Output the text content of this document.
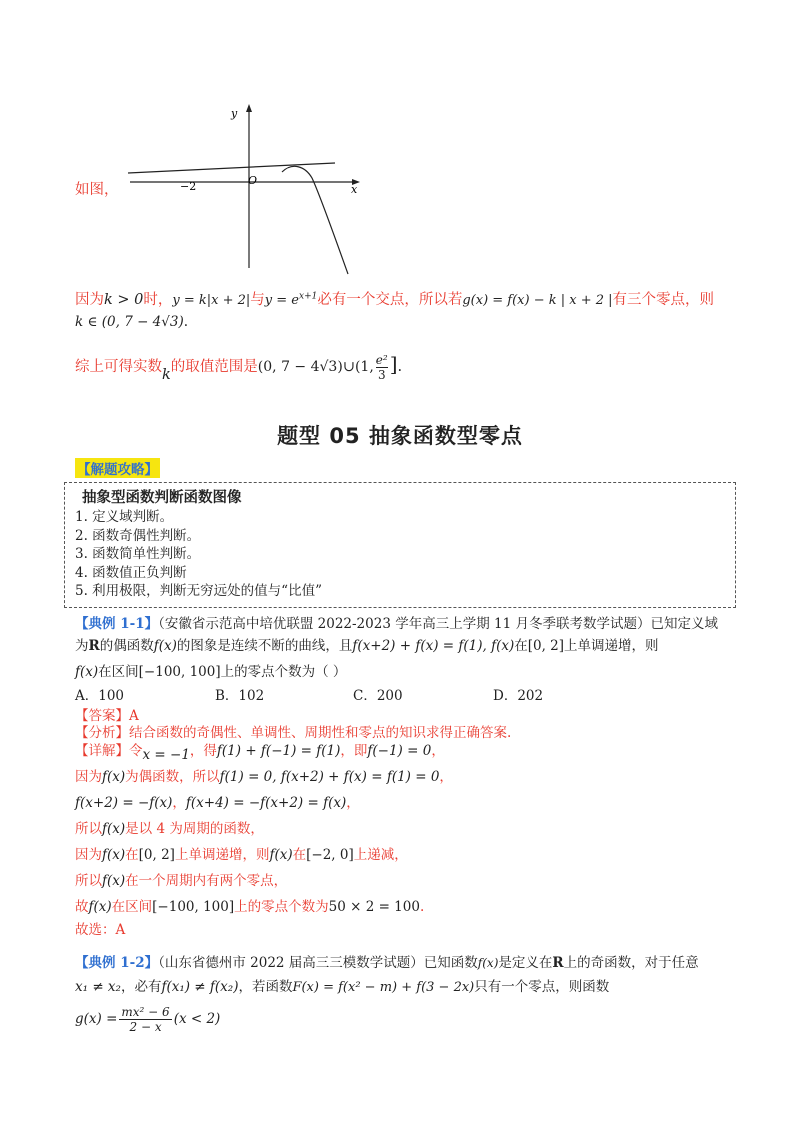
如图，
y
x
O
−2
因为k > 0时，y = k|x + 2|与$y = e^{x+1}$必有一个交点，所以若g(x) = f(x) − k | x + 2 |有三个零点，则
k ∈ (0, 7 − 4√3).
综上可得实数k的取值范围是(0, 7 − 4√3)∪(1, $\frac{\text{e²}}{3}$ ].
题型 05 抽象函数型零点
【解题攻略】
抽象型函数判断函数图像
1. 定义域判断。
2. 函数奇偶性判断。
3. 函数简单性判断。
4. 函数值正负判断
5. 利用极限，判断无穷远处的值与“比值”
【典例 1-1】（安徽省示范高中培优联盟 2022-2023 学年高三上学期 11 月冬季联考数学试题）已知定义域
为R的偶函数f(x)的图象是连续不断的曲线，且f(x+2) + f(x) = f(1), f(x)在[0, 2]上单调递增，则
f(x)在区间[−100, 100]上的零点个数为（ ）
A．100	B．102	C．200	D．202
【答案】A
【分析】结合函数的奇偶性、单调性、周期性和零点的知识求得正确答案.
【详解】令x = −1，得f(1) + f(−1) = f(1)，即f(−1) = 0，
因为f(x)为偶函数，所以f(1) = 0, f(x+2) + f(x) = f(1) = 0，
f(x+2) = −f(x)，f(x+4) = −f(x+2) = f(x)，
所以f(x)是以 4 为周期的函数，
因为f(x)在[0, 2]上单调递增，则f(x)在[−2, 0]上递减，
所以f(x)在一个周期内有两个零点，
故f(x)在区间[−100, 100]上的零点个数为50 × 2 = 100.
故选：A
【典例 1-2】（山东省德州市 2022 届高三三模数学试题）已知函数f(x)是定义在R上的奇函数，对于任意
x₁ ≠ x₂，必有f(x₁) ≠ f(x₂)，若函数F(x) = f(x² − m) + f(3 − 2x)只有一个零点，则函数
$g(x) = \frac{\text{mx² − 6}}{2 - x} (x < 2)$
